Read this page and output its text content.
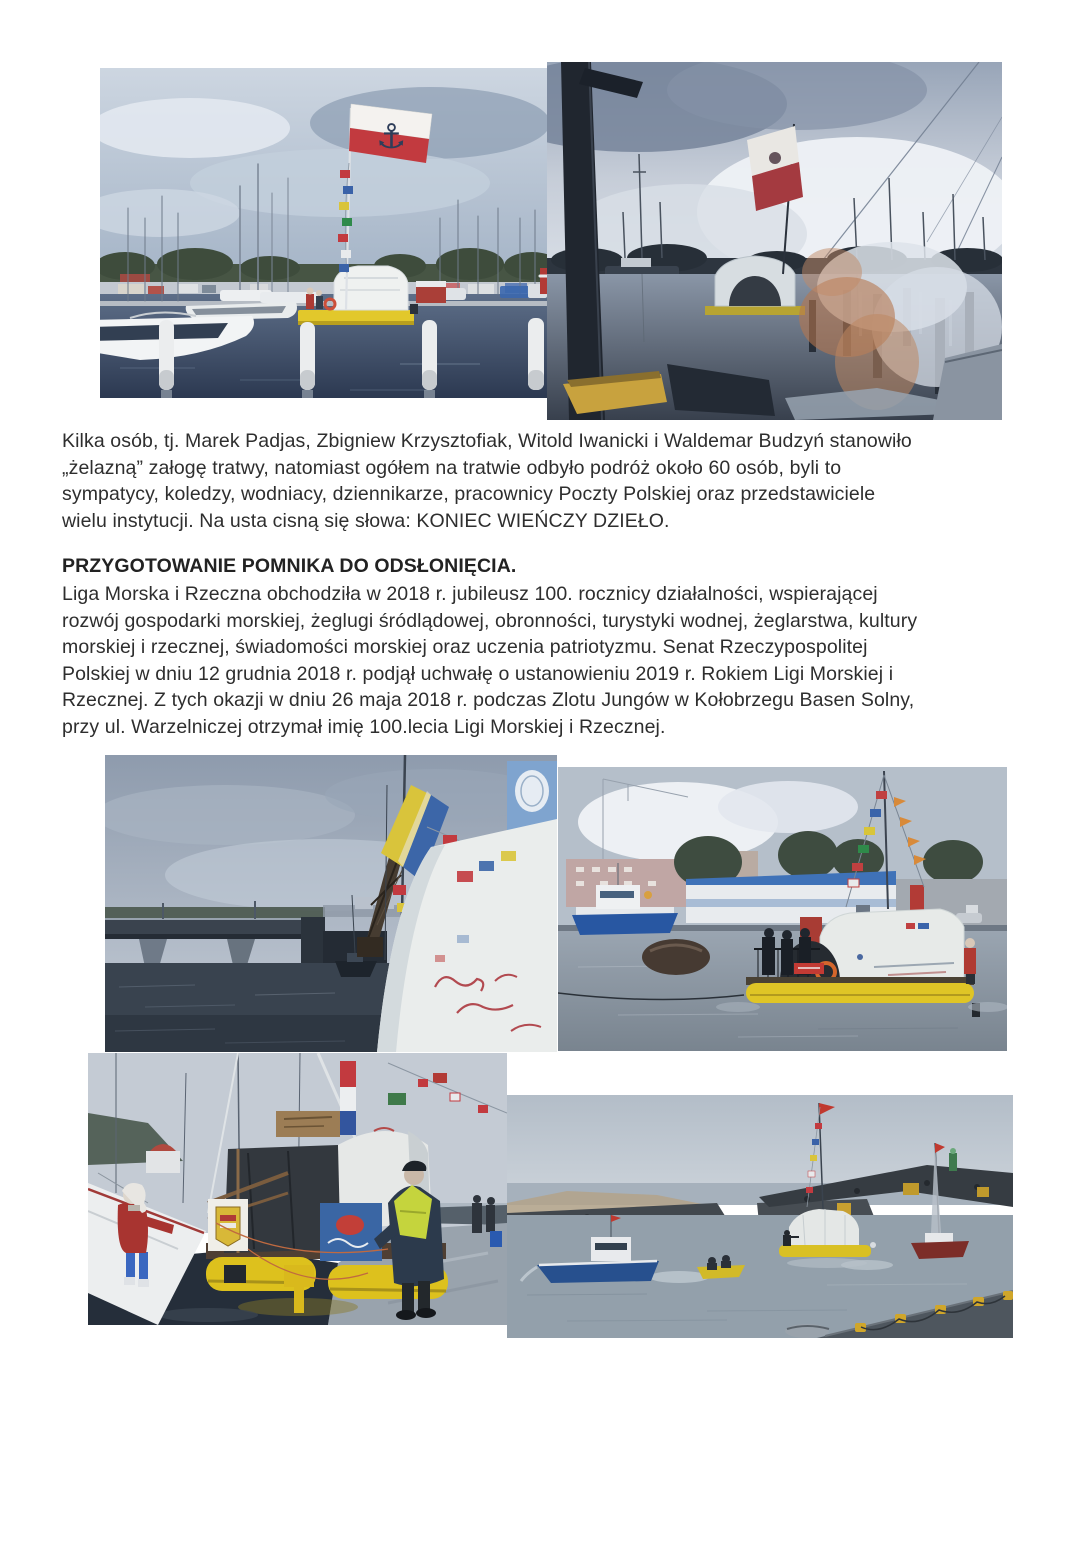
⚓
Kilka osób, tj. Marek Padjas, Zbigniew Krzysztofiak, Witold Iwanicki i Waldemar Budzyń stanowiło
„żelazną” załogę tratwy, natomiast ogółem na tratwie odbyło podróż około 60 osób, byli to
sympatycy, koledzy, wodniacy, dziennikarze, pracownicy Poczty Polskiej oraz przedstawiciele
wielu instytucji. Na usta cisną się słowa: KONIEC WIEŃCZY DZIEŁO.
PRZYGOTOWANIE POMNIKA DO ODSŁONIĘCIA.
Liga Morska i Rzeczna obchodziła w 2018 r. jubileusz 100. rocznicy działalności, wspierającej
rozwój gospodarki morskiej, żeglugi śródlądowej, obronności, turystyki wodnej, żeglarstwa, kultury
morskiej i rzecznej, świadomości morskiej oraz uczenia patriotyzmu. Senat Rzeczypospolitej
Polskiej w dniu 12 grudnia 2018 r. podjął uchwałę o ustanowieniu 2019 r. Rokiem Ligi Morskiej i
Rzecznej. Z tych okazji w dniu 26 maja 2018 r. podczas Zlotu Jungów w Kołobrzegu Basen Solny,
przy ul. Warzelniczej otrzymał imię 100.lecia Ligi Morskiej i Rzecznej.
